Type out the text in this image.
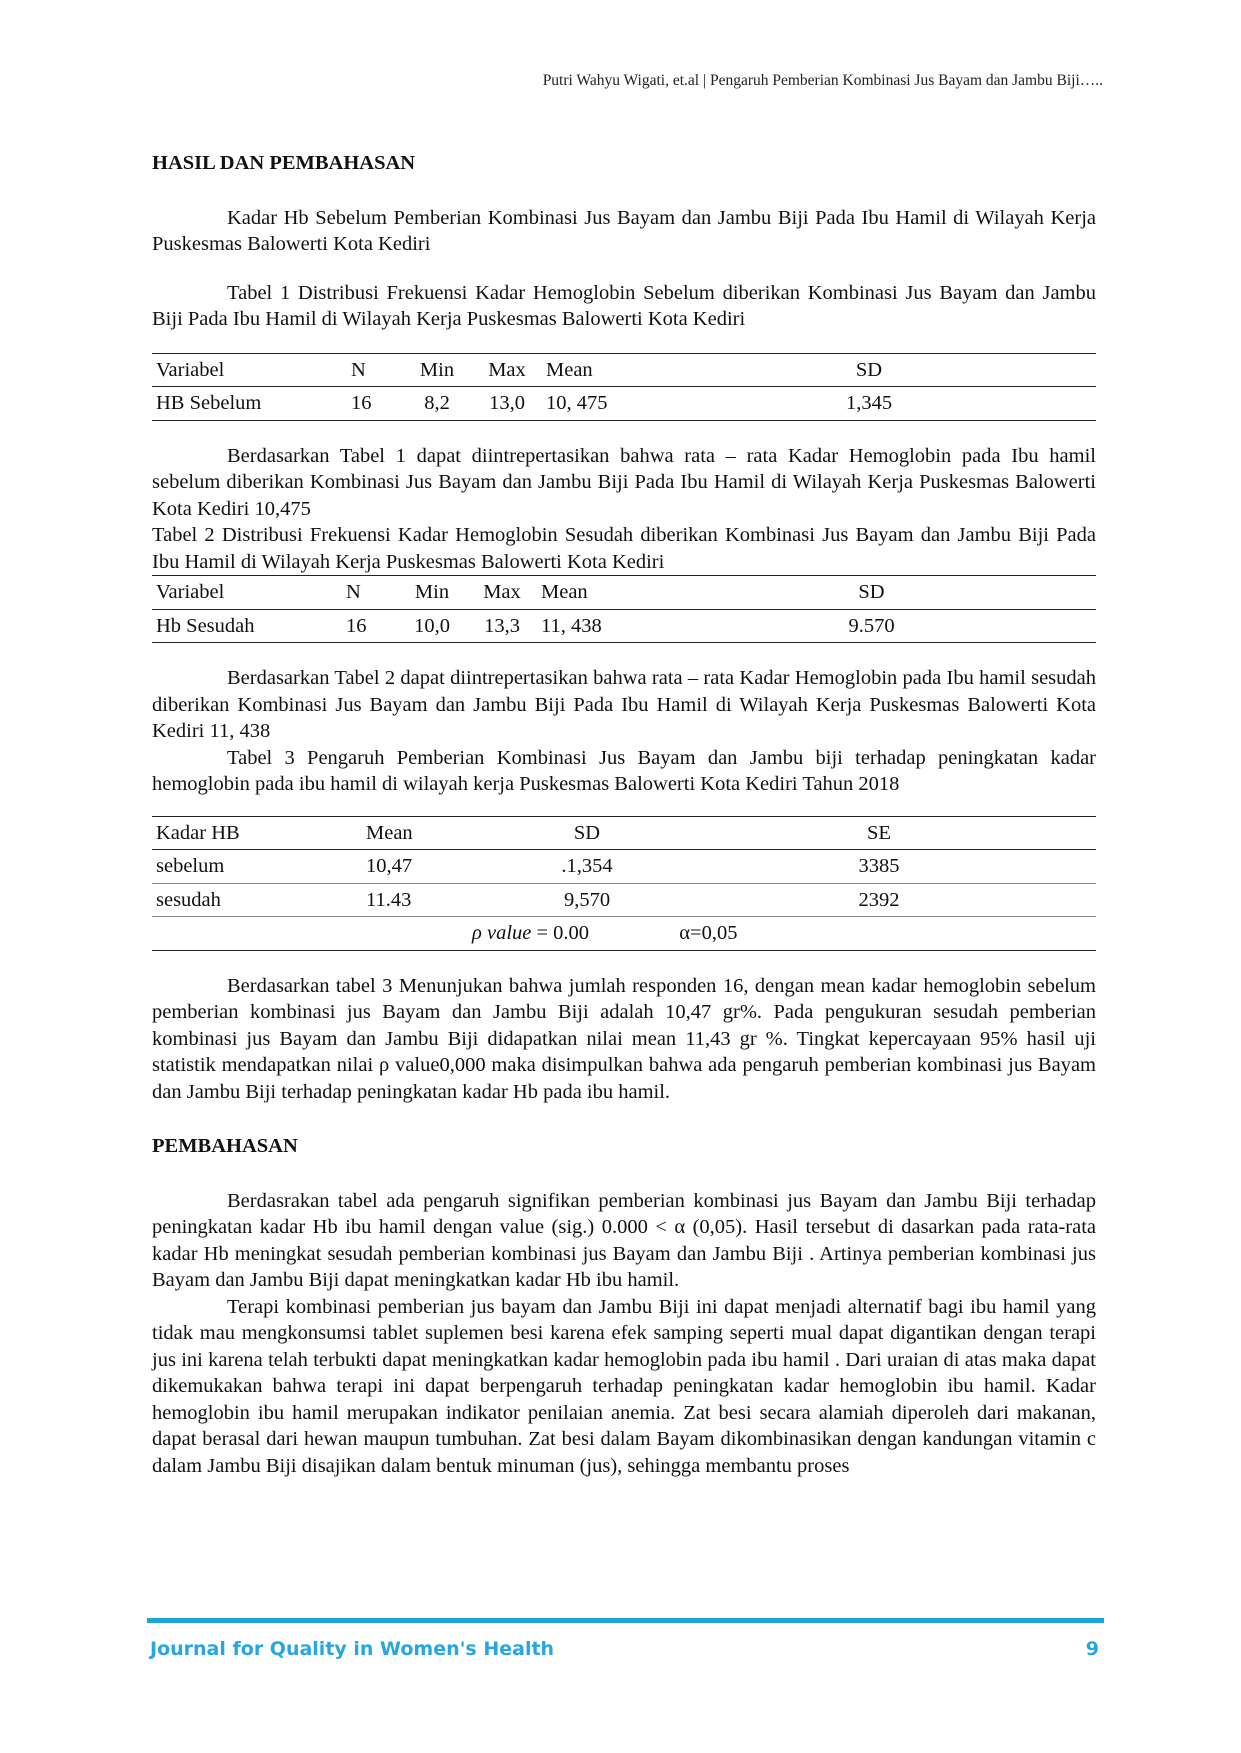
Putri Wahyu Wigati, et.al | Pengaruh Pemberian Kombinasi Jus Bayam dan Jambu Biji…..
HASIL DAN PEMBAHASAN

Kadar Hb Sebelum Pemberian Kombinasi Jus Bayam dan Jambu Biji Pada Ibu Hamil di Wilayah Kerja Puskesmas Balowerti Kota Kediri

Tabel 1 Distribusi Frekuensi Kadar Hemoglobin Sebelum diberikan Kombinasi Jus Bayam dan Jambu Biji Pada Ibu Hamil di Wilayah Kerja Puskesmas Balowerti Kota Kediri

Variabel	N	Min	Max	Mean	SD
HB Sebelum	16	8,2	13,0	10, 475	1,345

Berdasarkan Tabel 1 dapat diintrepertasikan bahwa rata – rata Kadar Hemoglobin pada Ibu hamil sebelum diberikan Kombinasi Jus Bayam dan Jambu Biji Pada Ibu Hamil di Wilayah Kerja Puskesmas Balowerti Kota Kediri 10,475

Tabel 2 Distribusi Frekuensi Kadar Hemoglobin Sesudah diberikan Kombinasi Jus Bayam dan Jambu Biji Pada Ibu Hamil di Wilayah Kerja Puskesmas Balowerti Kota Kediri

Variabel	N	Min	Max	Mean	SD
Hb Sesudah	16	10,0	13,3	11, 438	9.570

Berdasarkan Tabel 2 dapat diintrepertasikan bahwa rata – rata Kadar Hemoglobin pada Ibu hamil sesudah diberikan Kombinasi Jus Bayam dan Jambu Biji Pada Ibu Hamil di Wilayah Kerja Puskesmas Balowerti Kota Kediri 11, 438

Tabel 3 Pengaruh Pemberian Kombinasi Jus Bayam dan Jambu biji terhadap peningkatan kadar hemoglobin pada ibu hamil di wilayah kerja Puskesmas Balowerti Kota Kediri Tahun 2018

Kadar HB	Mean	SD	SE
sebelum	10,47	.1,354	3385
sesudah	11.43	9,570	2392
	ρ value = 0.00 α=0,05		

Berdasarkan tabel 3 Menunjukan bahwa jumlah responden 16, dengan mean kadar hemoglobin sebelum pemberian kombinasi jus Bayam dan Jambu Biji adalah 10,47 gr%. Pada pengukuran sesudah pemberian kombinasi jus Bayam dan Jambu Biji didapatkan nilai mean 11,43 gr %. Tingkat kepercayaan 95% hasil uji statistik mendapatkan nilai ρ value0,000 maka disimpulkan bahwa ada pengaruh pemberian kombinasi jus Bayam dan Jambu Biji terhadap peningkatan kadar Hb pada ibu hamil.

PEMBAHASAN

Berdasrakan tabel ada pengaruh signifikan pemberian kombinasi jus Bayam dan Jambu Biji terhadap peningkatan kadar Hb ibu hamil dengan value (sig.) 0.000 < α (0,05). Hasil tersebut di dasarkan pada rata-rata kadar Hb meningkat sesudah pemberian kombinasi jus Bayam dan Jambu Biji . Artinya pemberian kombinasi jus Bayam dan Jambu Biji dapat meningkatkan kadar Hb ibu hamil.

Terapi kombinasi pemberian jus bayam dan Jambu Biji ini dapat menjadi alternatif bagi ibu hamil yang tidak mau mengkonsumsi tablet suplemen besi karena efek samping seperti mual dapat digantikan dengan terapi jus ini karena telah terbukti dapat meningkatkan kadar hemoglobin pada ibu hamil . Dari uraian di atas maka dapat dikemukakan bahwa terapi ini dapat berpengaruh terhadap peningkatan kadar hemoglobin ibu hamil. Kadar hemoglobin ibu hamil merupakan indikator penilaian anemia. Zat besi secara alamiah diperoleh dari makanan, dapat berasal dari hewan maupun tumbuhan. Zat besi dalam Bayam dikombinasikan dengan kandungan vitamin c dalam Jambu Biji disajikan dalam bentuk minuman (jus), sehingga membantu proses

Journal for Quality in Women's Health	9
